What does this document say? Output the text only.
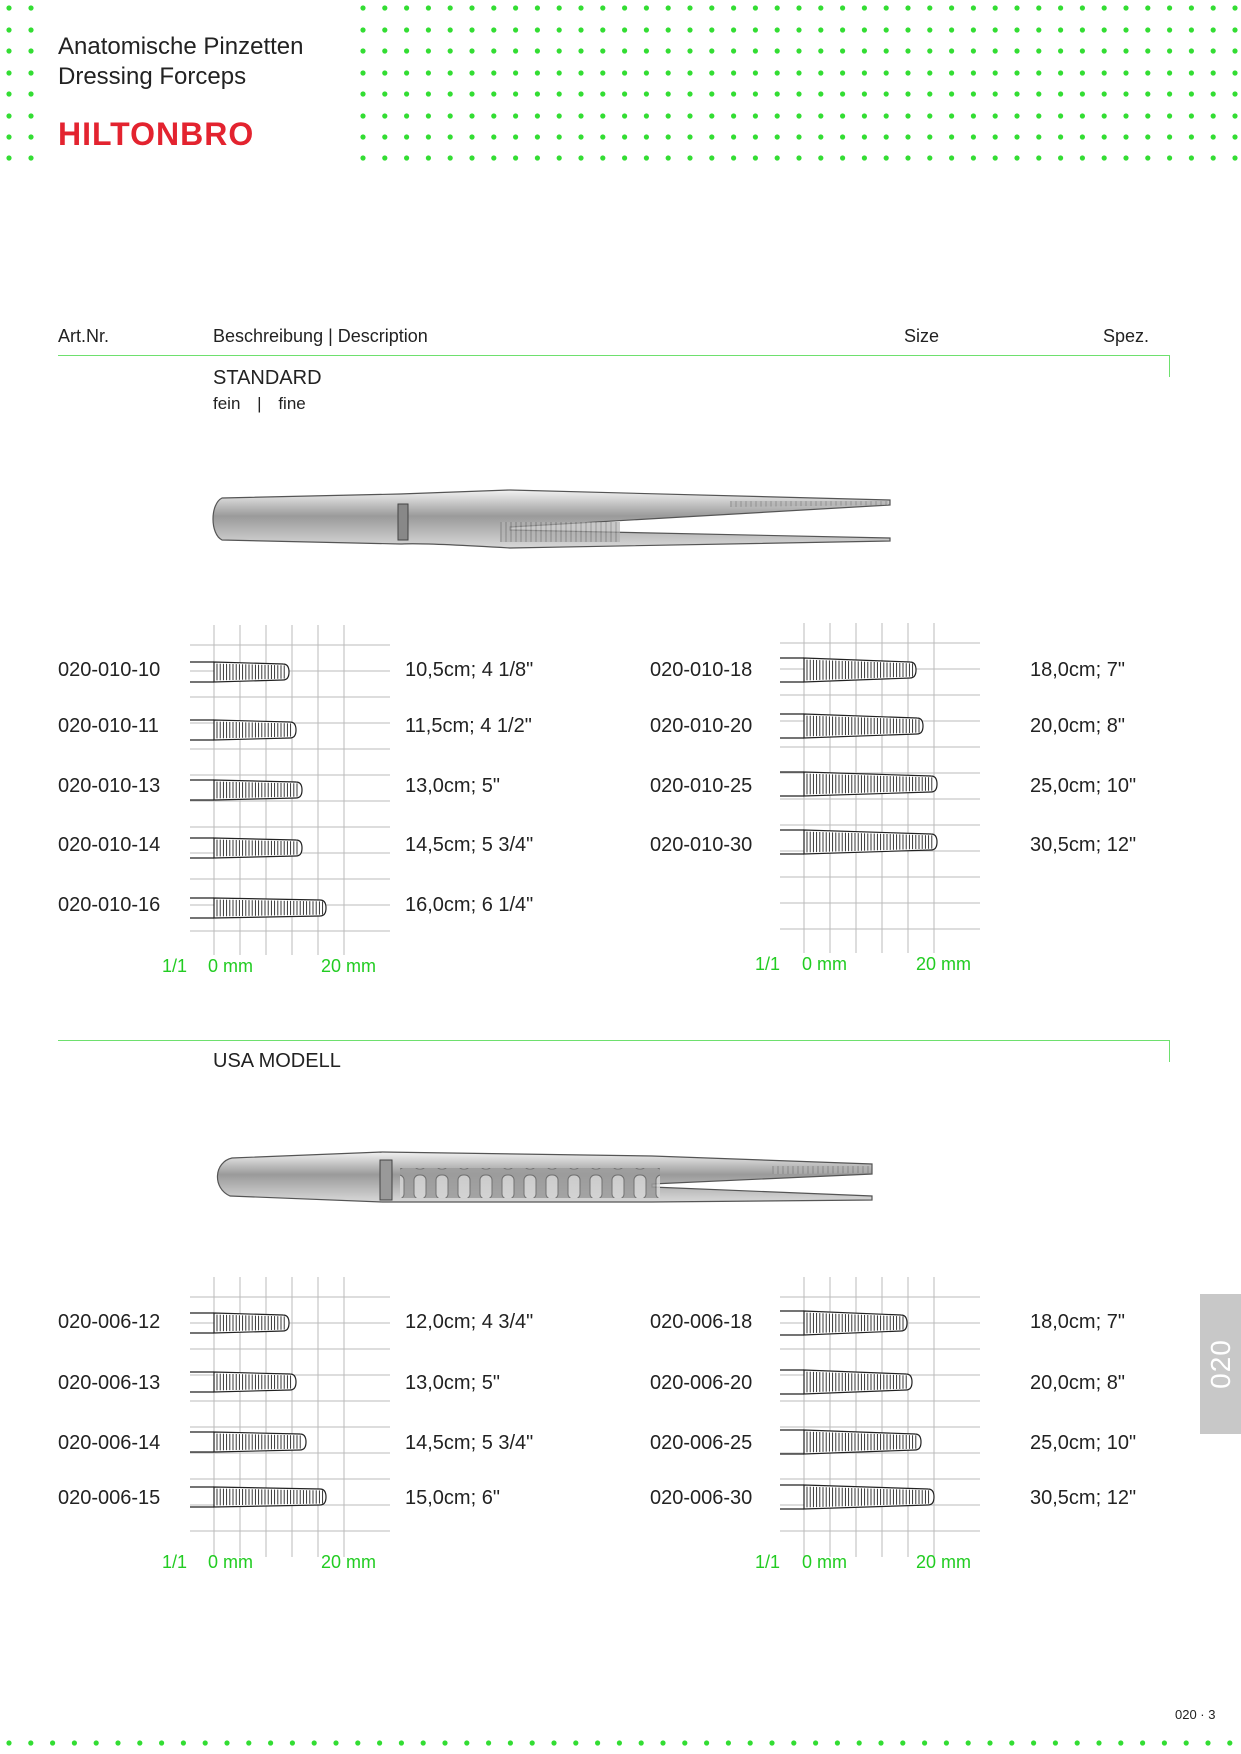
Anatomische Pinzetten
Dressing Forceps
HILTONBRO
Art.Nr.	Beschreibung | Description	Size	Spez.
STANDARD
fein | fine
020-010-10	10,5cm; 4 1/8"
020-010-11	11,5cm; 4 1/2"
020-010-13	13,0cm; 5"
020-010-14	14,5cm; 5 3/4"
020-010-16	16,0cm; 6 1/4"
020-010-18	18,0cm; 7"
020-010-20	20,0cm; 8"
020-010-25	25,0cm; 10"
020-010-30	30,5cm; 12"
1/1 0 mm	20 mm	1/1 0 mm	20 mm
USA MODELL
020-006-12	12,0cm; 4 3/4"
020-006-13	13,0cm; 5"
020-006-14	14,5cm; 5 3/4"
020-006-15	15,0cm; 6"
020-006-18	18,0cm; 7"
020-006-20	20,0cm; 8"
020-006-25	25,0cm; 10"
020-006-30	30,5cm; 12"
1/1 0 mm	20 mm	1/1 0 mm	20 mm
020
020 · 3
